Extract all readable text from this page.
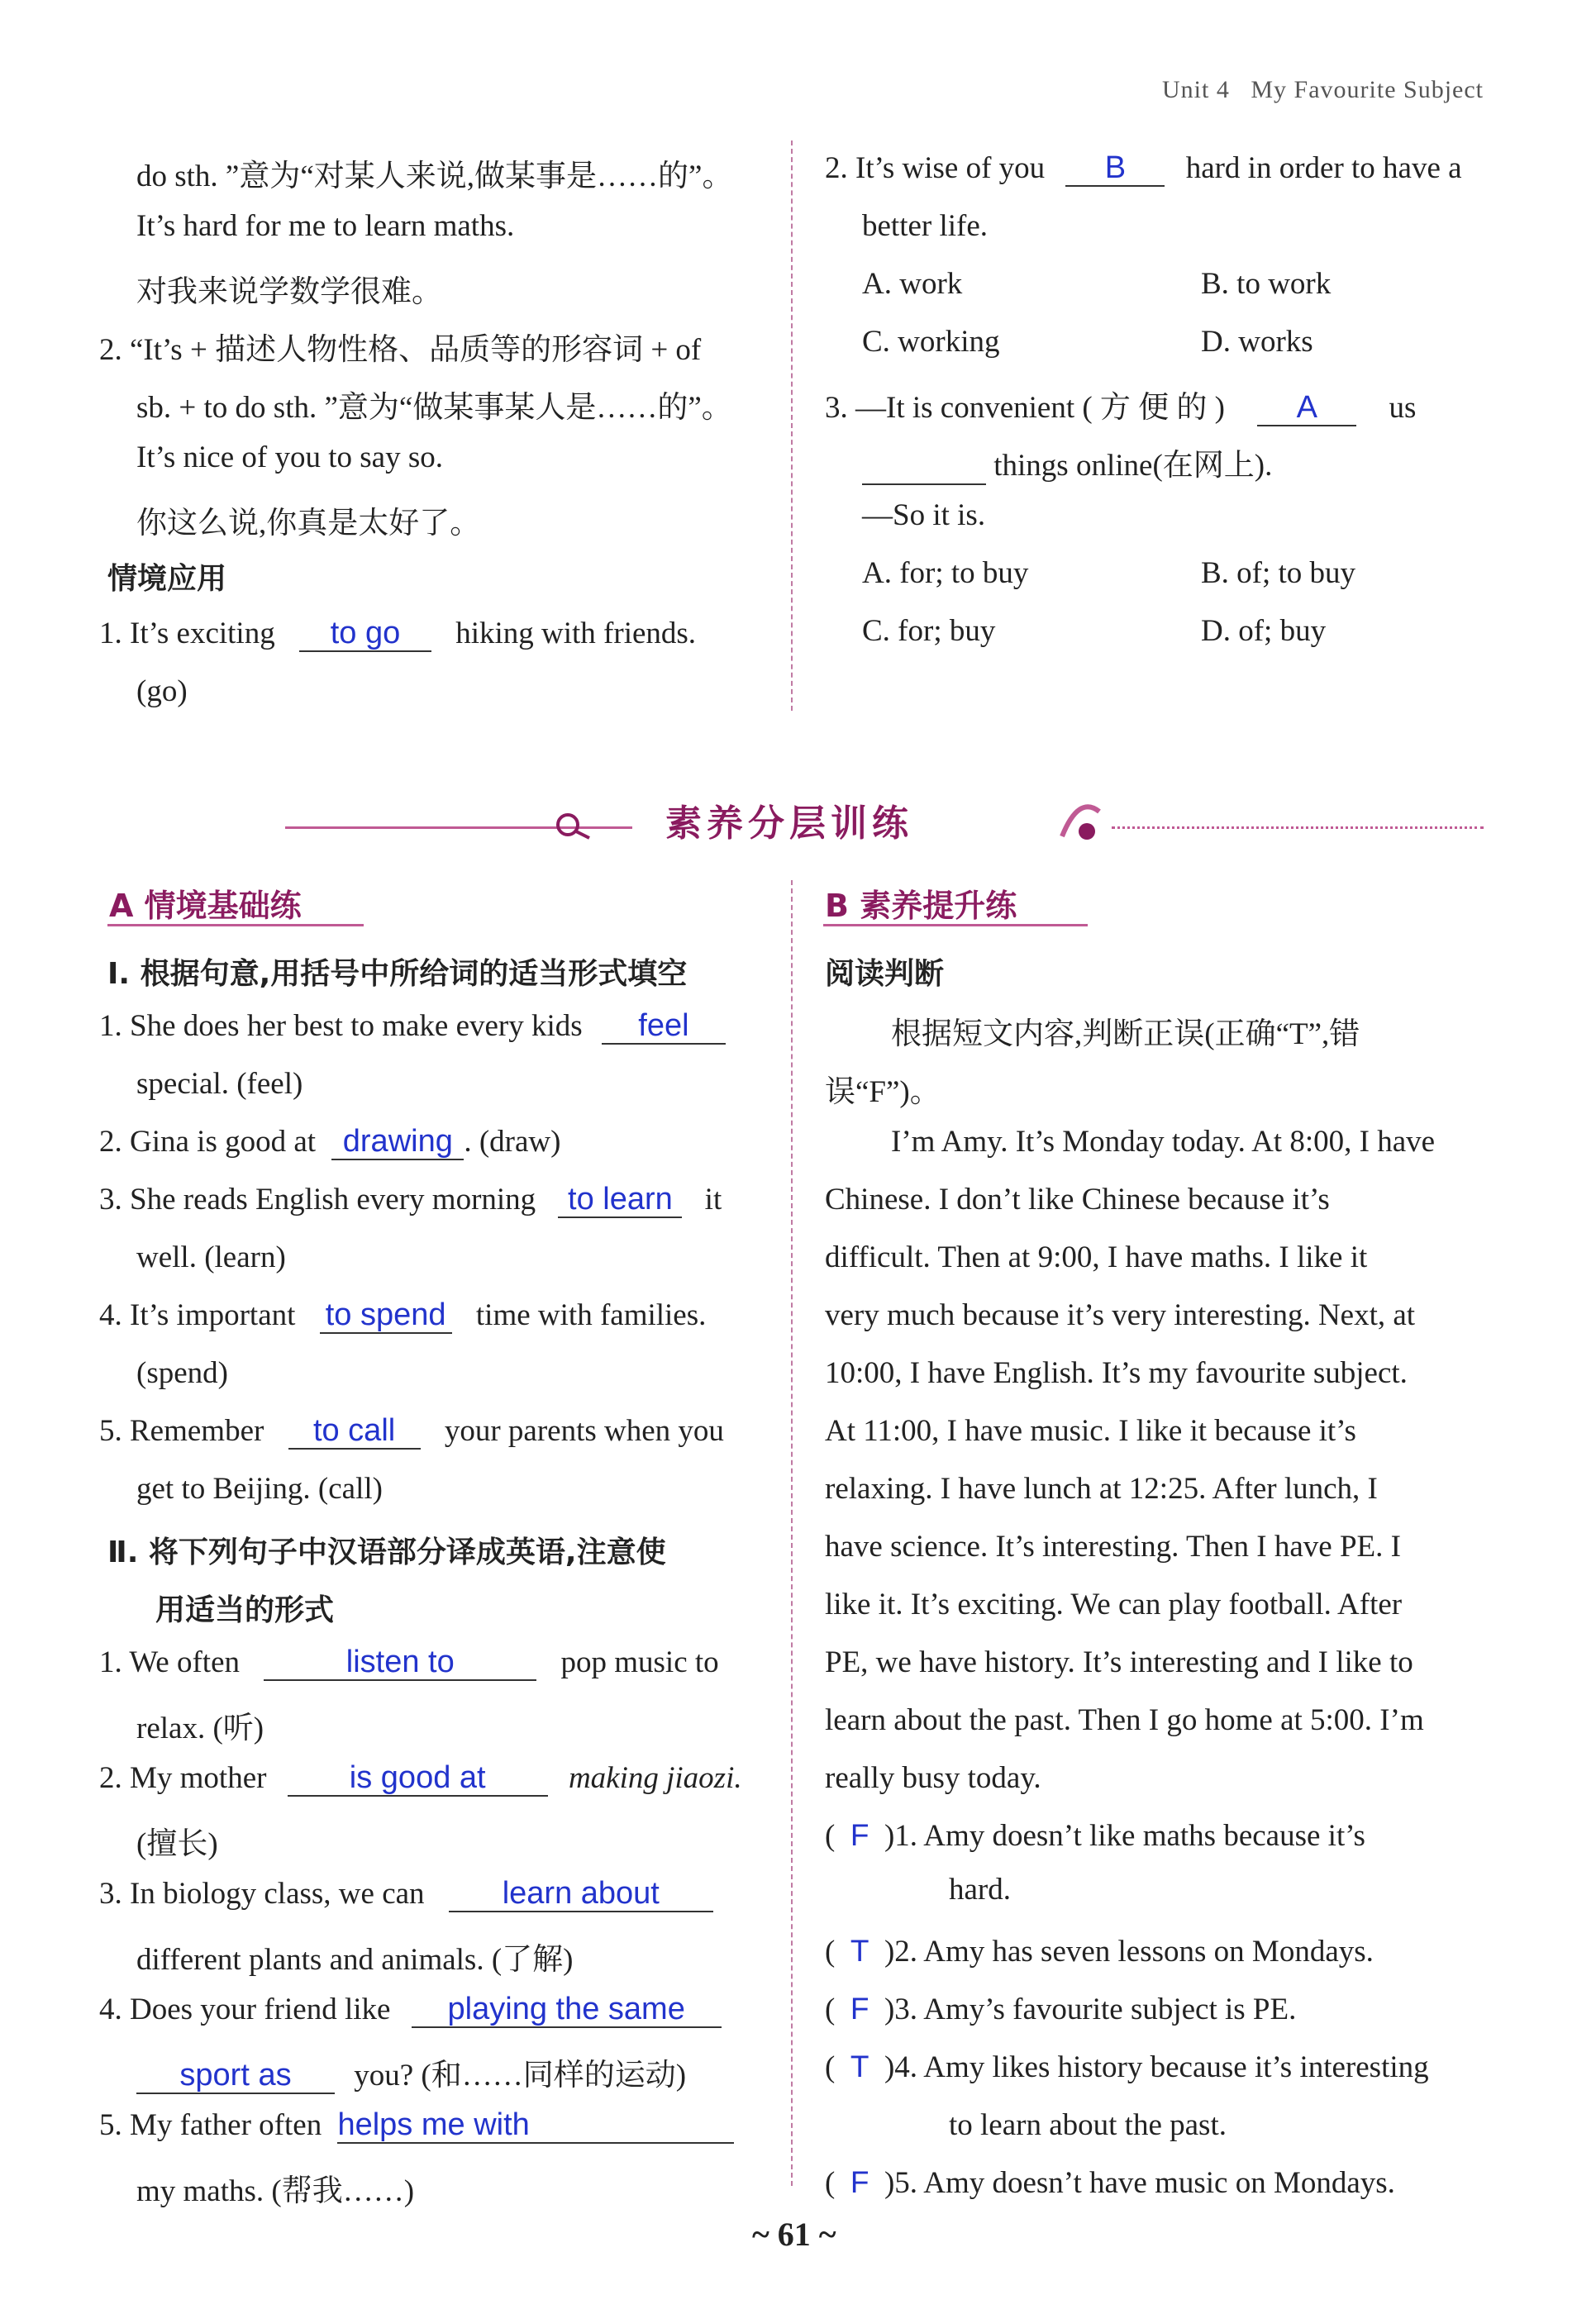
Unit 4 My Favourite Subject
do sth. ”意为“对某人来说,做某事是……的”。
It’s hard for me to learn maths.
对我来说学数学很难。
2. “It’s + 描述人物性格、品质等的形容词 + of
sb. + to do sth. ”意为“做某事某人是……的”。
It’s nice of you to say so.
你这么说,你真是太好了。
情境应用
1. It’s exciting to go hiking with friends.
(go)
2. It’s wise of you B hard in order to have a
better life.
A. work	B. to work
C. working	D. works
3. —It is convenient ( 方 便 的 ) A us
things online(在网上).
—So it is.
A. for; to buy	B. of; to buy
C. for; buy	D. of; buy
素养分层训练
A 情境基础练
Ⅰ. 根据句意,用括号中所给词的适当形式填空
1. She does her best to make every kids feel
special. (feel)
2. Gina is good at drawing . (draw)
3. She reads English every morning to learn it
well. (learn)
4. It’s important to spend time with families.
(spend)
5. Remember to call your parents when you
get to Beijing. (call)
Ⅱ. 将下列句子中汉语部分译成英语,注意使
用适当的形式
1. We often	listen to	pop music to
relax. (听)
2. My mother	is good at	making jiaozi.
(擅长)
3. In biology class, we can learn about
different plants and animals. (了解)
4. Does your friend like playing the same
sport as you? (和……同样的运动)
5. My father often helps me with
my maths. (帮我……)
B 素养提升练
阅读判断
根据短文内容,判断正误(正确“T”,错
误“F”)。
I’m Amy. It’s Monday today. At 8:00, I have
Chinese. I don’t like Chinese because it’s
difficult. Then at 9:00, I have maths. I like it
very much because it’s very interesting. Next, at
10:00, I have English. It’s my favourite subject.
At 11:00, I have music. I like it because it’s
relaxing. I have lunch at 12:25. After lunch, I
have science. It’s interesting. Then I have PE. I
like it. It’s exciting. We can play football. After
PE, we have history. It’s interesting and I like to
learn about the past. Then I go home at 5:00. I’m
really busy today.
(  F )1. Amy doesn’t like maths because it’s
hard.
(  T )2. Amy has seven lessons on Mondays.
(  F )3. Amy’s favourite subject is PE.
(  T )4. Amy likes history because it’s interesting
to learn about the past.
(  F )5. Amy doesn’t have music on Mondays.
~ 61 ~
